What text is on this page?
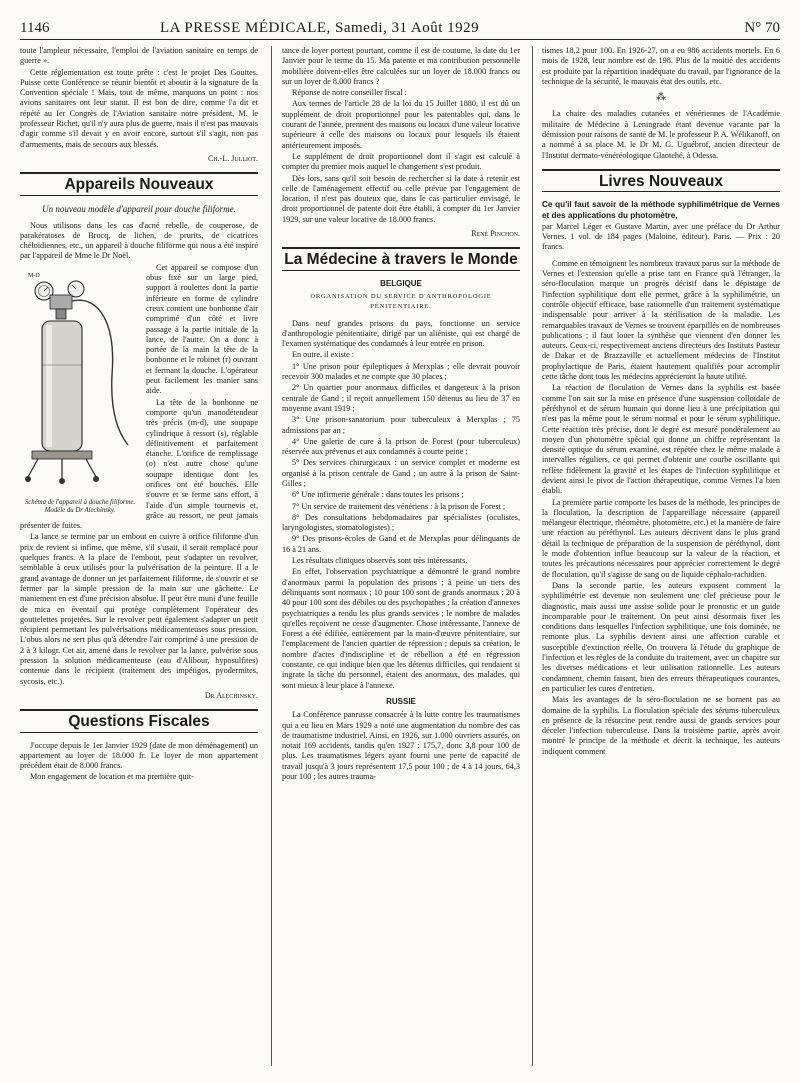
1146	LA PRESSE MÉDICALE, Samedi, 31 Août 1929	N° 70

toute l'ampleur nécessaire, l'emploi de l'aviation sanitaire en temps de guerre ».

Cette réglementation est toute prête : c'est le projet Des Gouttes. Puisse cette Conférence se réunir bientôt et aboutir à la signature de la Convention spéciale ! Mais, tout de même, marquons un point : nos avions sanitaires ont leur statut. Il est bon de dire, comme l'a dit et répété au Ier Congrès de l'Aviation sanitaire notre président, M. le professeur Richet, qu'il n'y aura plus de guerre, mais il n'est pas mauvais d'agir comme s'il devait y en avoir encore, surtout s'il s'agit, non pas d'armements, mais de secours aux blessés.

Ch.-L. Julliot.
Appareils Nouveaux
Un nouveau modèle d'appareil pour douche filiforme.

Nous utilisons dans les cas d'acné rebelle, de couperose, de parakératoses de Brocq, de lichen, de prurits, de cicatrices chéloïdiennes, etc., un appareil à douche filiforme qui nous a été inspiré par l'appareil de Mme le Dr Noël.

M-D
Schéma de l'appareil à douche filiforme. Modèle du Dr Alechinsky.

Cet appareil se compose d'un obus fixé sur un large pied, support à roulettes dont la partie inférieure en forme de cylindre creux contient une bonbonne d'air comprimé d'un côté et livre passage à la partie initiale de la lance, de l'autre. On a donc à portée de la main la tête de la bonbonne et le robinet (r) ouvrant et fermant la douche. L'opérateur peut facilement les manier sans aide.

La tête de la bonbonne ne comporte qu'un manodétendeur très précis (m-d), une soupape cylindrique à ressort (s), réglable définitivement et parfaitement étanche. L'orifice de remplissage (o) n'est autre chose qu'une soupape identique dont les orifices ont été bouchés. Elle s'ouvre et se ferme sans effort, à l'aide d'un simple tournevis et, grâce au ressort, ne peut jamais présenter de fuites.

La lance se termine par un embout en cuivre à orifice filiforme d'un prix de revient si infime, que même, s'il s'usait, il serait remplacé pour quelques francs. A la place de l'embout, peut s'adapter un revolver, semblable à ceux utilisés pour la pulvérisation de la peinture. Il a le grand avantage de donner un jet parfaitement filiforme, de s'ouvrir et se fermer par la simple pression de la main sur une gâchette. Le maniement en est d'une précision absolue. Il peut être muni d'une feuille de mica en éventail qui protège complètement l'opérateur des gouttelettes projetées. Sur le revolver peut également s'adapter un petit récipient permettant les pulvérisations médicamenteuses sous pression. L'obus alors ne sert plus qu'à détendre l'air comprimé à une pression de 2 à 3 kilogr. Cet air, amené dans le revolver par la lance, pulvérise sous pression la solution médicamenteuse (eau d'Alibour, hyposulfites) contenue dans le récipient (traitement des impétigos, pyodermites, sycosis, etc.).

Dr Alechinsky.
Questions Fiscales

J'occupe depuis le 1er Janvier 1929 (date de mon déménagement) un appartement au loyer de 18.000 fr. Le loyer de mon appartement précédent était de 8.000 francs.

Mon engagement de location et ma première quit-

tance de loyer portent pourtant, comme il est de coutume, la date du 1er Janvier pour le terme du 15. Ma patente et ma contribution personnelle mobilière doivent-elles être calculées sur un loyer de 18.000 francs ou sur un loyer de 8.000 francs ?

Réponse de notre conseiller fiscal :

Aux termes de l'article 28 de la loi du 15 Juillet 1880, il est dû un supplément de droit proportionnel pour les patentables qui, dans le courant de l'année, prennent des maisons ou locaux d'une valeur locative supérieure à celle des maisons ou locaux pour lesquels ils étaient antérieurement imposés.

Le supplément de droit proportionnel dont il s'agit est calculé à compter du premier mois auquel le changement s'est produit.

Dès lors, sans qu'il soit besoin de rechercher si la date à retenir est celle de l'aménagement effectif ou celle prévue par l'engagement de location, il n'est pas douteux que, dans le cas particulier envisagé, le droit proportionnel de patente doit être établi, à compter du 1er Janvier 1929, sur une valeur locative de 18.000 francs.

René Pinchon.
La Médecine à travers le Monde
BELGIQUE
ORGANISATION DU SERVICE D'ANTHROPOLOGIE PÉNITENTIAIRE.

Dans neuf grandes prisons du pays, fonctionne un service d'anthropologie pénitentiaire, dirigé par un aliéniste, qui est chargé de l'examen systématique des condamnés à leur entrée en prison.

En outre, il existe :

1° Une prison pour épileptiques à Merxplas ; elle devrait pouvoir recevoir 300 malades et ne compte que 30 places ;

2° Un quartier pour anormaux difficiles et dangereux à la prison centrale de Gand ; il reçoit annuellement 150 détenus au lieu de 37 en moyenne avant 1919 ;

3° Une prison-sanatorium pour tuberculeux à Merxplas ; 75 admissions par an ;

4° Une galerie de cure à la prison de Forest (pour tuberculeux) réservée aux prévenus et aux condamnés à courte peine ;

5° Des services chirurgicaux : un service complet et moderne est organisé à la prison centrale de Gand ; un autre à la prison de Saint-Gilles ;

6° Une infirmerie générale : dans toutes les prisons ;

7° Un service de traitement des vénériens : à la prison de Forest ;

8° Des consultations hebdomadaires par spécialistes (oculistes, laryngologistes, stomatologistes) ;

9° Des prisons-écoles de Gand et de Merxplas pour délinquants de 16 à 21 ans.

Les résultats cliniques observés sont très intéressants.

En effet, l'observation psychiatrique a démontré le grand nombre d'anormaux parmi la population des prisons ; à peine un tiers des délinquants sont normaux ; 10 pour 100 sont de grands anormaux ; 20 à 40 pour 100 sont des débiles ou des psychopathes ; la création d'annexes psychiatriques a rendu les plus grands services ; le nombre de malades qu'elles reçoivent ne cesse d'augmenter. Chose intéressante, l'annexe de Forest a été édifiée, entièrement par la main-d'œuvre pénitentiaire, sur l'emplacement de l'ancien quartier de répression ; depuis sa création, le nombre d'actes d'indiscipline et de rébellion a été en régression constante, ce qui indique bien que les détenus difficiles, qui rendaient si ingrate la tâche du personnel, étaient des anormaux, des malades, qui sont mieux à leur place à l'annexe.

RUSSIE

La Conférence panrusse consacrée à la lutte contre les traumatismes qui a eu lieu en Mars 1929 a noté une augmentation du nombre des cas de traumatisme industriel. Ainsi, en 1926, sur 1.000 ouvriers assurés, on notait 169 accidents, tandis qu'en 1927 : 175,7, donc 3,8 pour 100 de plus. Les traumatismes légers ayant fourni une perte de capacité de travail jusqu'à 3 jours représentent 17,5 pour 100 ; de 4 à 14 jours, 64,3 pour 100 ; les autres trauma-

tismes 18,2 pour 100. En 1926-27, on a eu 986 accidents mortels. En 6 mois de 1928, leur nombre est de 198. Plus de la moitié des accidents est produite par la répartition inadéquate du travail, par l'ignorance de la technique de la sécurité, le mauvais état des outils, etc.

⁂

La chaire des maladies cutanées et vénériennes de l'Académie militaire de Médecine à Leningrade étant devenue vacante par la démission pour raisons de santé de M. le professeur P. A. Wélikanoff, on a nommé à sa place M. le Dr M. G. Uguébrof, ancien directeur de l'Institut dermato-vénéréologique Glaotehé, à Odessa.

Livres Nouveaux

Ce qu'il faut savoir de la méthode syphilimétrique de Vernes et des applications du photomètre,

par Marcel Léger et Gustave Martin, avec une préface du Dr Arthur Vernes. 1 vol. de 184 pages (Maloine, éditeur). Paris. — Prix : 20 francs.

Comme en témoignent les nombreux travaux parus sur la méthode de Vernes et l'extension qu'elle a prise tant en France qu'à l'étranger, la séro-floculation marque un progrès décisif dans le dépistage de l'infection syphilitique dont elle permet, grâce à la syphilimétrie, un contrôle objectif efficace, base rationnelle d'un traitement systématique indispensable pour arriver à la stérilisation de la maladie. Les remarquables travaux de Vernes se trouvent éparpillés en de nombreuses publications ; il faut louer la synthèse que viennent d'en donner les auteurs. Ceux-ci, respectivement anciens directeurs des Instituts Pasteur de Dakar et de Brazzaville et actuellement médecins de l'Institut prophylactique de Paris, étaient hautement qualifiés pour accomplir cette tâche dont tous les médecins apprécieront la haute utilité.

La réaction de floculation de Vernes dans la syphilis est basée comme l'on sait sur la mise en présence d'une suspension colloïdale de péréthynol et de sérum humain qui donne lieu à une précipitation qui n'est pas la même pour le sérum normal et pour le sérum syphilitique. Cette réaction très précise, dont le degré est mesuré pondéralement au moyen d'un photomètre spécial qui donne un chiffre représentant la densité optique du sérum examiné, est répétée chez le même malade à intervalles réguliers, ce qui permet d'obtenir une courbe oscillante qui reflète fidèlement la gravité et les étapes de l'infection syphilitique et devient ainsi le pivot de l'action thérapeutique, comme Vernes l'a bien établi.

La première partie comporte les bases de la méthode, les principes de la floculation, la description de l'appareillage nécessaire (appareil mélangeur électrique, rhéomètre, photomètre, etc.) et la manière de faire une réaction au péréthynol. Les auteurs décrivent dans le plus grand détail la technique de préparation de la suspension de péréthynol, dont le mode d'obtention influe beaucoup sur la valeur de la réaction, et toutes les précautions nécessaires pour apprécier correctement le degré de floculation, qu'il s'agisse de sang ou de liquide céphalo-rachidien.

Dans la seconde partie, les auteurs exposent comment la syphilimétrie est devenue non seulement une clef précieuse pour le diagnostic, mais aussi une assise solide pour le pronostic et un guide incomparable pour le traitement. On peut ainsi désormais fixer les conditions dans lesquelles l'infection syphilitique, une fois dominée, ne remonte plus. La syphilis devient ainsi une affection curable et susceptible d'extinction réelle. On trouvera là l'étude du graphique de l'infection et les règles de la conduite du traitement, avec un chapitre sur les diverses médications et leur utilisation rationnelle. Les auteurs condamnent, chemin faisant, bien des erreurs thérapeutiques courantes, en particulier les cures d'entretien.

Mais les avantages de la séro-floculation ne se bornent pas au domaine de la syphilis. La floculation spéciale des sérums tuberculeux en présence de la résorcine peut rendre aussi de grands services pour déceler l'infection tuberculeuse. Dans la troisième partie, après avoir montré le principe de la méthode et décrit la technique, les auteurs indiquent comment
